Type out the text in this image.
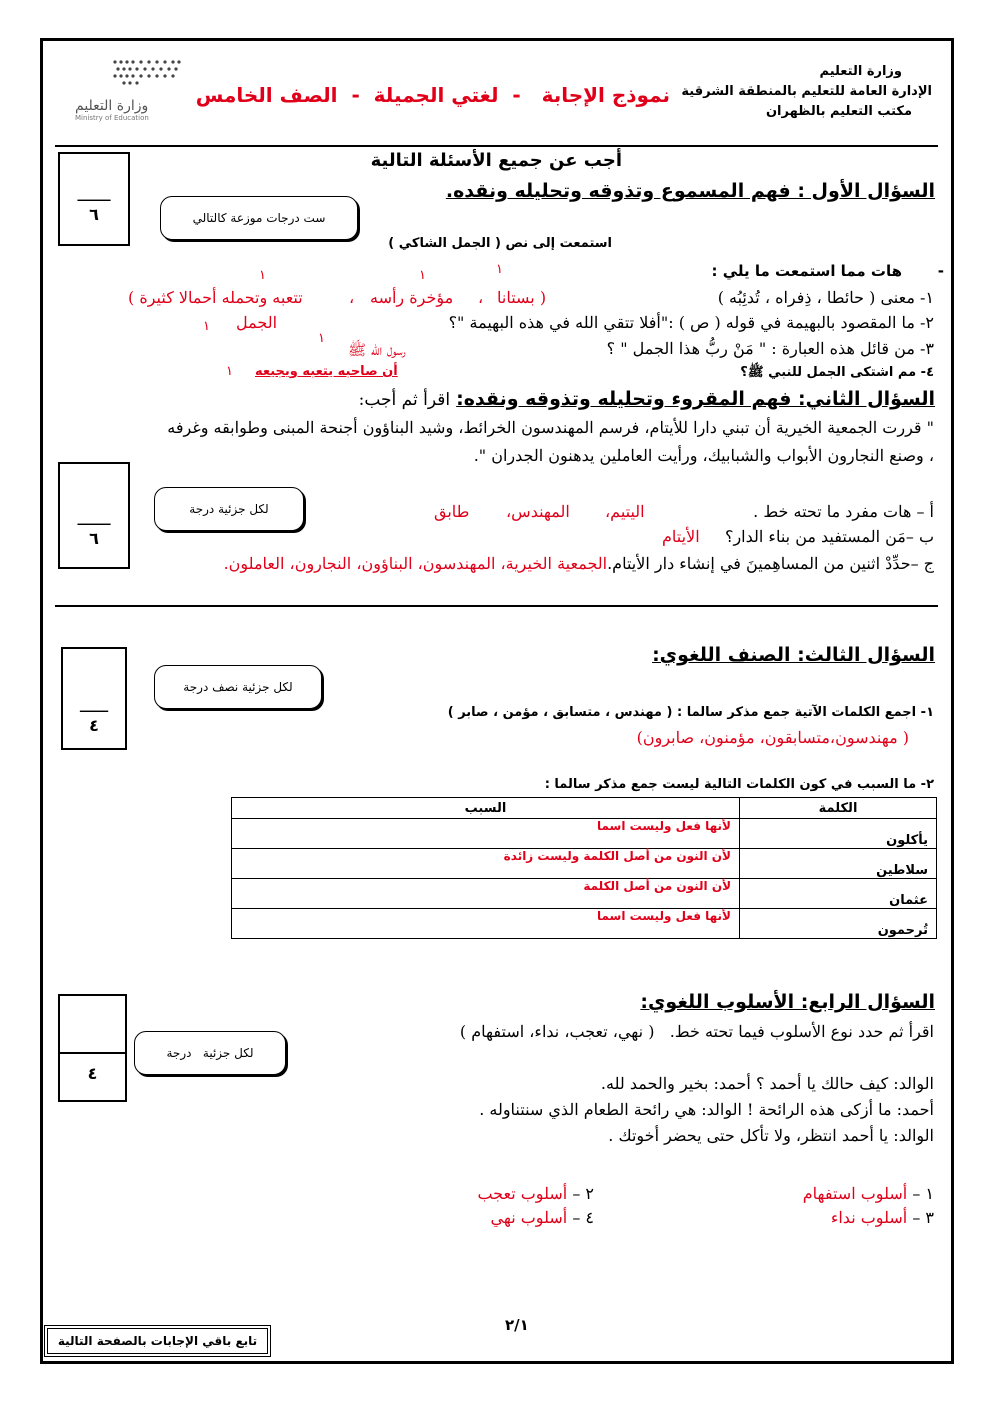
وزارة التعليم
الإدارة العامة للتعليم بالمنطقة الشرقية
مكتب التعليم بالظهران
نموذج الإجابة   -  لغتي الجميلة  -  الصف الخامس
وزارة التعليم
Ministry of Education
أجب عن جميع الأسئلة التالية
السؤال الأول : فهم المسموع وتذوقه وتحليله ونقده.
ـــــــ
٦	ست درجات موزعة كالتالي
استمعت إلى نص ( الجمل الشاكي )
هات مما استمعت ما يلي : -
١
١
١
١- معنى ( حائطا ، ذِفراه ، تُدئِبُه )
( بستانا
مؤخرة رأسه ،
،
تتعبه وتحمله أحمالا كثيرة )
٢- ما المقصود بالبهيمة في قوله ( ص ) :"أفلا تتقي الله في هذه البهيمة "؟
الجمل
١
٣- من قائل هذه العبارة : " مَنْ ربُّ هذا الجمل " ؟
رسول الله ﷺ
١
٤- مم اشتكى الجمل للنبي ﷺ؟
أن صاحبه يتعبه ويجيعه
١
السؤال الثاني: فهم المقروء وتحليله وتذوقه ونقده: اقرأ ثم أجب:
" قررت الجمعية الخيرية أن تبني دارا للأيتام، فرسم المهندسون الخرائط، وشيد البناؤون أجنحة المبنى وطوابقه وغرفه
، وصنع النجارون الأبواب والشبابيك، ورأيت العاملين يدهنون الجدران ".
ـــــــ
٦
لكل جزئية درجة	أ – هات مفرد ما تحته خط .
اليتيم،
المهندس،
طابق
ب –مَن المستفيد من بناء الدار؟
الأيتام
ج –حدِّدْ اثنين من المساهِمينَ في إنشاء دار الأيتام.الجمعية الخيرية، المهندسون، البناؤون، النجارون، العاملون.
السؤال الثالث: الصنف اللغوي:
ــــــ
٤
لكل جزئية نصف درجة
١- اجمع الكلمات الآتية جمع مذكر سالما : ( مهندس ، متسابق ، مؤمن ، صابر )
( مهندسون،متسابقون، مؤمنون، صابرون)
٢- ما السبب في كون الكلمات التالية ليست جمع مذكر سالما :
الكلمة	السبب
يأكلون	لأنها فعل وليست اسما
سلاطين	لأن النون من أصل الكلمة وليست زائدة
عثمان	لأن النون من أصل الكلمة
تُرحمون	لأنها فعل وليست اسما
السؤال الرابع: الأسلوب اللغوي:
٤
لكل جزئية   درجة
اقرأ ثم حدد نوع الأسلوب فيما تحته خط.   ( نهي، تعجب، نداء، استفهام )
الوالد: كيف حالك يا أحمد ؟ أحمد: بخير والحمد لله.
أحمد: ما أزكى هذه الرائحة ! الوالد: هي رائحة الطعام الذي سنتناوله .
الوالد: يا أحمد انتظر، ولا تأكل حتى يحضر أخوتك .
١ – أسلوب استفهام
٣ – أسلوب نداء
٢ – أسلوب تعجب
٤ – أسلوب نهي
٢/١
تابع باقي الإجابات بالصفحة التالية
